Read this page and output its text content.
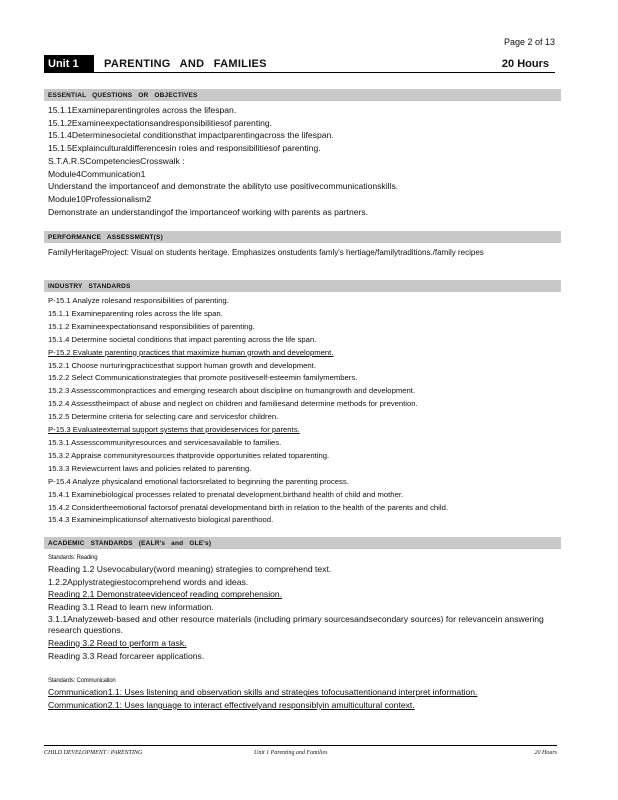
Page 2 of 13
Unit 1	PARENTING AND FAMILIES	20 Hours
ESSENTIAL QUESTIONS OR OBJECTIVES
15.1.1Examineparentingroles across the lifespan.
15.1.2Examineexpectationsandresponsibilitiesof parenting.
15.1.4Determinesocietal conditionsthat impactparentingacross the lifespan.
15.1.5Explainculturaldifferencesin roles and responsibilitiesof parenting.
S.T.A.R.SCompetenciesCrosswalk :
Module4Communication1
Understand the importanceof and demonstrate the abilityto use positivecommunicationskills.
Module10Professionalism2
Demonstrate an understandingof the importanceof working with parents as partners.
PERFORMANCE ASSESSMENT(S)
FamilyHeritageProject: Visual on students heritage. Emphasizes onstudents famly's hertiage/familytraditions./family recipes
INDUSTRY STANDARDS
P-15.1 Analyze rolesand responsibilities of parenting.
15.1.1 Examineparenting roles across the life span.
15.1.2 Examineexpectationsand responsibilities of parenting.
15.1.4 Determine societal conditions that impact parenting across the life span.
P-15.2 Evaluate parenting practices that maximize human growth and development.
15.2.1 Choose nurturingpracticesthat support human growth and development.
15.2.2 Select Communicationstrategies that promote positiveself-esteemin familymembers.
15.2.3 Assesscommonpractices and emerging research about discipline on humangrowth and development.
15.2.4 Assesstheimpact of abuse and neglect on children and familiesand determine methods for prevention.
15.2.5 Determine criteria for selecting care and servicesfor children.
P-15.3 Evaluateexternal support systems that provideservices for parents.
15.3.1 Assesscommunityresources and servicesavailable to families.
15.3.2 Appraise communityresources thatprovide opportunities related toparenting.
15.3.3 Reviewcurrent laws and policies related to parenting.
P-15.4 Analyze physicaland emotional factorsrelated to beginning the parenting process.
15.4.1 Examinebiological processes related to prenatal development,birthand health of child and mother.
15.4.2 Considertheemotional factorsof prenatal developmentand birth in relation to the health of the parents and child.
15.4.3 Examineimplicationsof alternativesto biological parenthood.
ACADEMIC STANDARDS (EALR's and GLE's)
Standards: Reading
Reading 1.2 Usevocabulary(word meaning) strategies to comprehend text.
1.2.2Applystrategiestocomprehend words and ideas.
Reading 2.1 Demonstrateevidenceof reading comprehension.
Reading 3.1 Read to learn new information.
3.1.1Analyzeweb-based and other resource materials (including primary sourcesandsecondary sources) for relevancein answering research questions.
Reading 3.2 Read to perform a task.
Reading 3.3 Read forcareer applications.
Standards: Communication
Communication1.1: Uses listening and observation skills and strategies tofocusattentionand interpret information.
Communication2.1: Uses language to interact effectivelyand responsiblyin amulticultural context.
CHILD DEVELOPMENT / PARENTING	Unit 1 Parenting and Families	20 Hours
